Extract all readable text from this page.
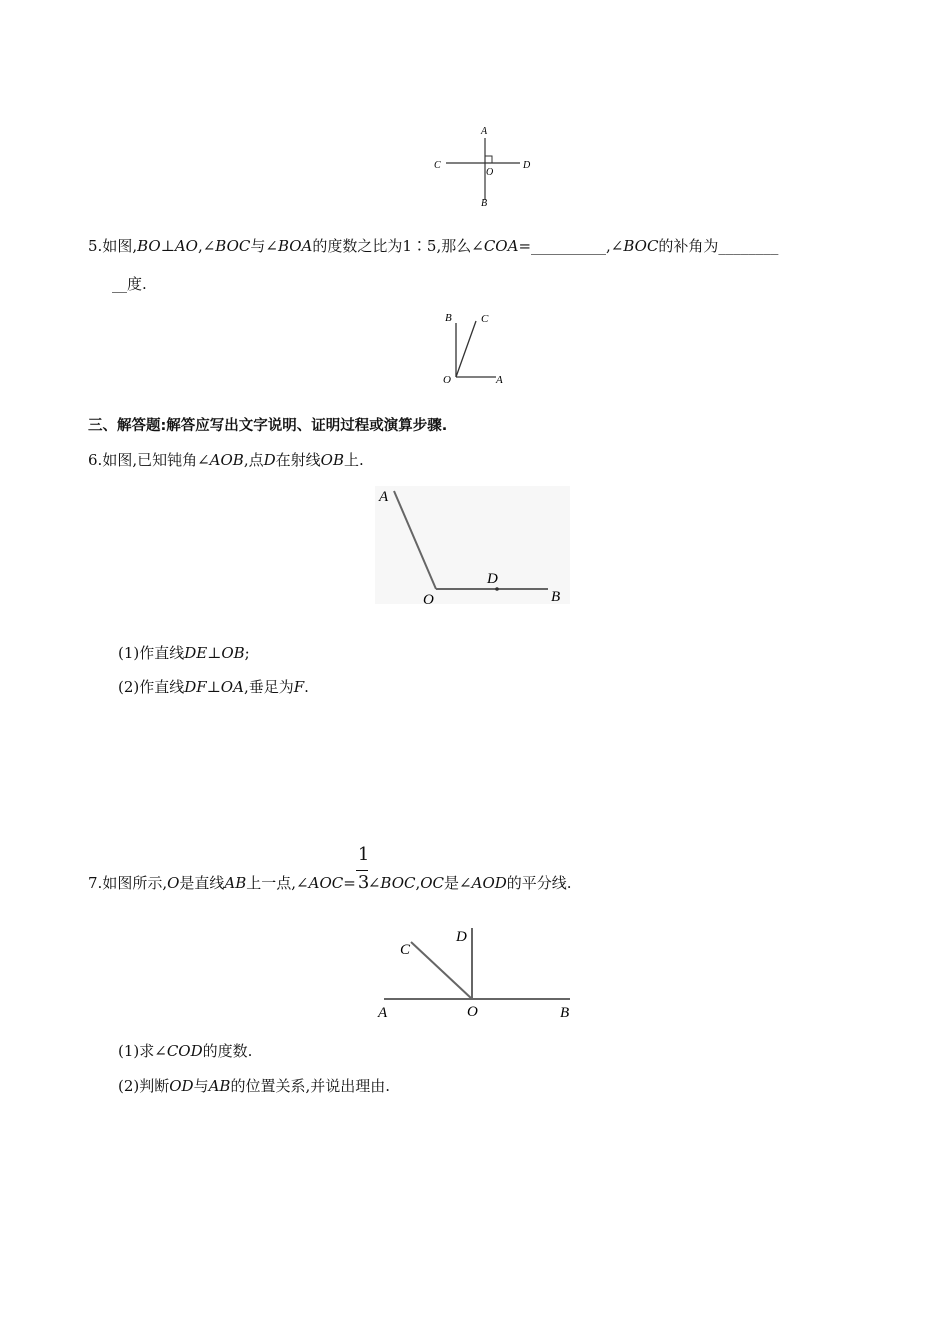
A
B
C	D
O
5.如图,BO⊥AO,∠BOC与∠BOA的度数之比为1∶5,那么∠COA=__________,∠BOC的补角为________
__度.
B	C
O	A
三、解答题:解答应写出文字说明、证明过程或演算步骤.
6.如图,已知钝角∠AOB,点D在射线OB上.
A
D
O	B
(1)作直线DE⊥OB;
(2)作直线DF⊥OA,垂足为F.
7.如图所示,O是直线AB上一点,∠AOC= $\frac{1}{3}$ ∠BOC,OC是∠AOD的平分线.
D
C
A	O	B
(1)求∠COD的度数.
(2)判断OD与AB的位置关系,并说出理由.
